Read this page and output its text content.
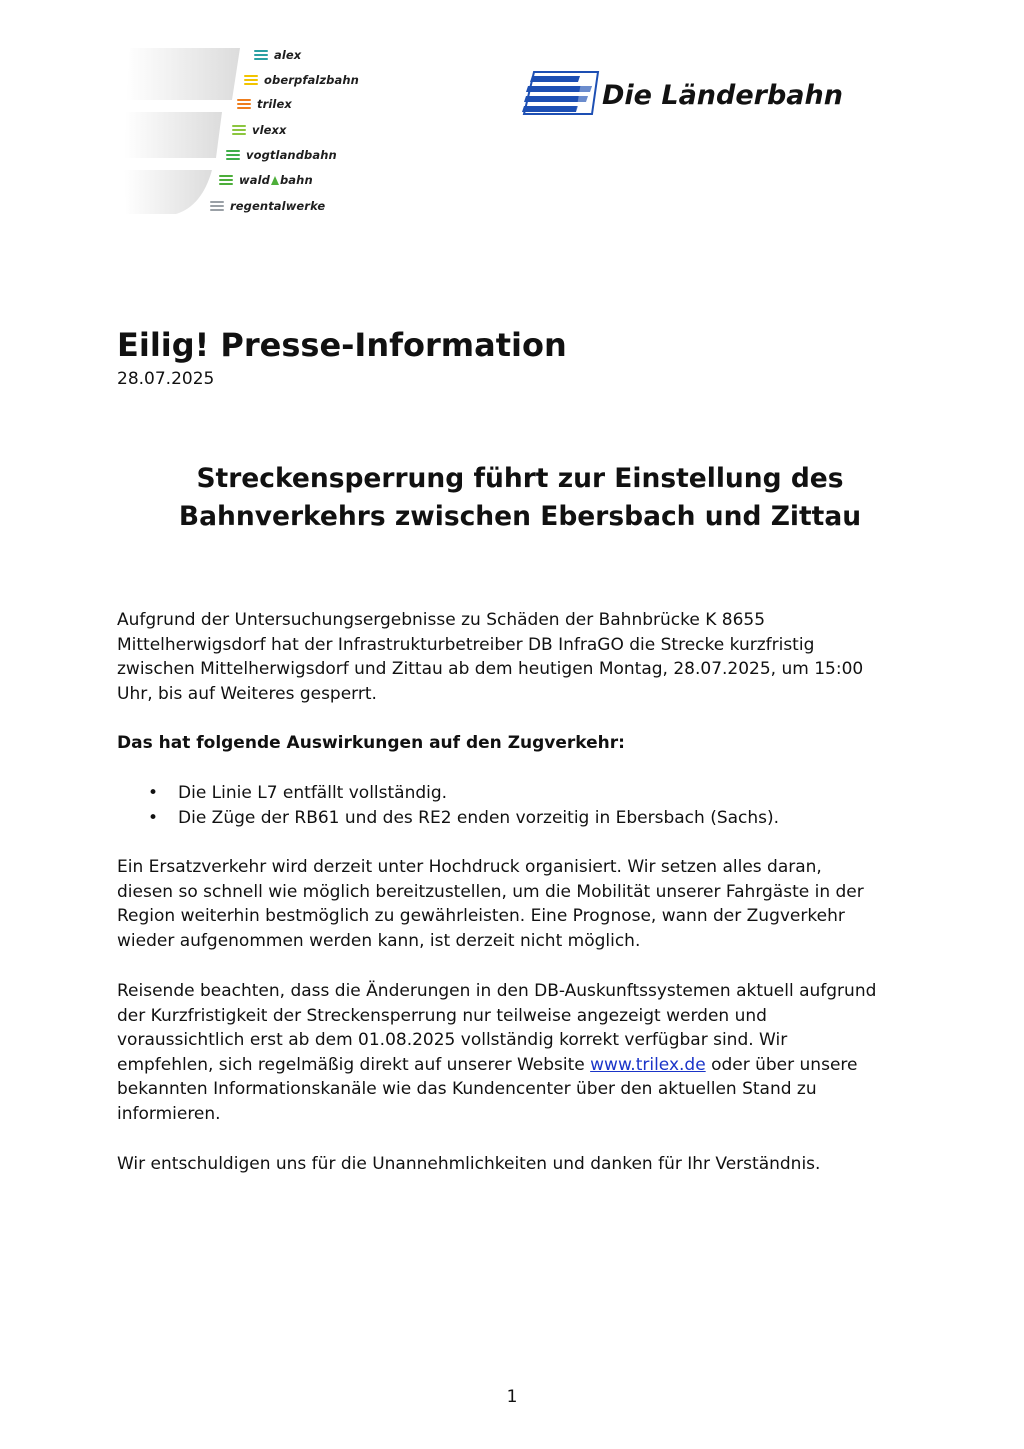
alex
oberpfalzbahn
trilex
vlexx
vogtlandbahn
wald bahn
regentalwerke
Die Länderbahn
Eilig! Presse-Information
28.07.2025
Streckensperrung führt zur Einstellung des
Bahnverkehrs zwischen Ebersbach und Zittau
Aufgrund der Untersuchungsergebnisse zu Schäden der Bahnbrücke K 8655
Mittelherwigsdorf hat der Infrastrukturbetreiber DB InfraGO die Strecke kurzfristig
zwischen Mittelherwigsdorf und Zittau ab dem heutigen Montag, 28.07.2025, um 15:00
Uhr, bis auf Weiteres gesperrt.
Das hat folgende Auswirkungen auf den Zugverkehr:
• Die Linie L7 entfällt vollständig.
• Die Züge der RB61 und des RE2 enden vorzeitig in Ebersbach (Sachs).
Ein Ersatzverkehr wird derzeit unter Hochdruck organisiert. Wir setzen alles daran,
diesen so schnell wie möglich bereitzustellen, um die Mobilität unserer Fahrgäste in der
Region weiterhin bestmöglich zu gewährleisten. Eine Prognose, wann der Zugverkehr
wieder aufgenommen werden kann, ist derzeit nicht möglich.
Reisende beachten, dass die Änderungen in den DB-Auskunftssystemen aktuell aufgrund
der Kurzfristigkeit der Streckensperrung nur teilweise angezeigt werden und
voraussichtlich erst ab dem 01.08.2025 vollständig korrekt verfügbar sind. Wir
empfehlen, sich regelmäßig direkt auf unserer Website www.trilex.de oder über unsere
bekannten Informationskanäle wie das Kundencenter über den aktuellen Stand zu
informieren.
Wir entschuldigen uns für die Unannehmlichkeiten und danken für Ihr Verständnis.
1
